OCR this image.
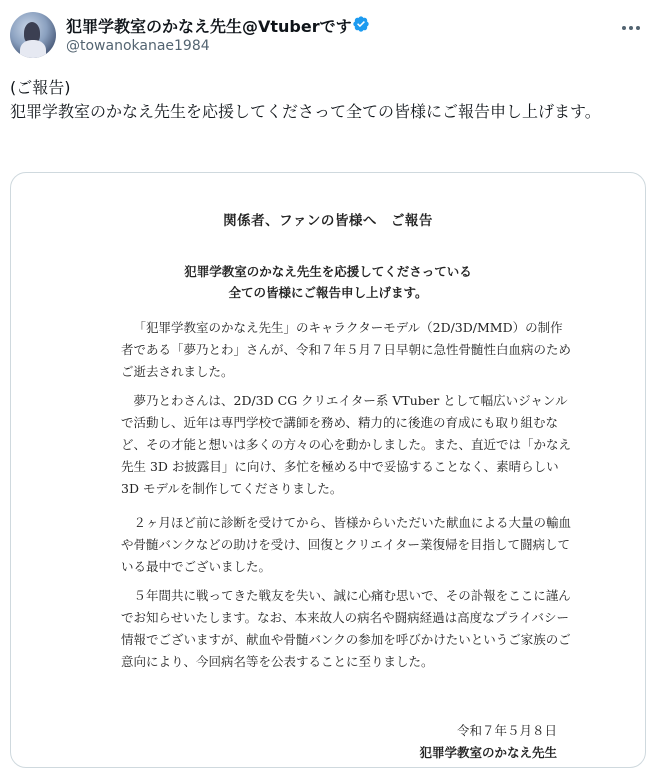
犯罪学教室のかなえ先生@Vtuberです
@towanokanae1984

(ご報告)

犯罪学教室のかなえ先生を応援してくださって全ての皆様にご報告申し上げます。

関係者、ファンの皆様へ　ご報告
犯罪学教室のかなえ先生を応援してくださっている
全ての皆様にご報告申し上げます。
「犯罪学教室のかなえ先生」のキャラクターモデル（2D/3D/MMD）の制作者である「夢乃とわ」さんが、令和７年５月７日早朝に急性骨髄性白血病のためご逝去されました。
夢乃とわさんは、2D/3D CG クリエイター系 VTuber として幅広いジャンルで活動し、近年は専門学校で講師を務め、精力的に後進の育成にも取り組むなど、その才能と想いは多くの方々の心を動かしました。また、直近では「かなえ先生 3D お披露目」に向け、多忙を極める中で妥協することなく、素晴らしい 3D モデルを制作してくださりました。
２ヶ月ほど前に診断を受けてから、皆様からいただいた献血による大量の輸血や骨髄バンクなどの助けを受け、回復とクリエイター業復帰を目指して闘病している最中でございました。
５年間共に戦ってきた戦友を失い、誠に心痛む思いで、その訃報をここに謹んでお知らせいたします。なお、本来故人の病名や闘病経過は高度なプライバシー情報でございますが、献血や骨髄バンクの参加を呼びかけたいというご家族のご意向により、今回病名等を公表することに至りました。
令和７年５月８日
犯罪学教室のかなえ先生
